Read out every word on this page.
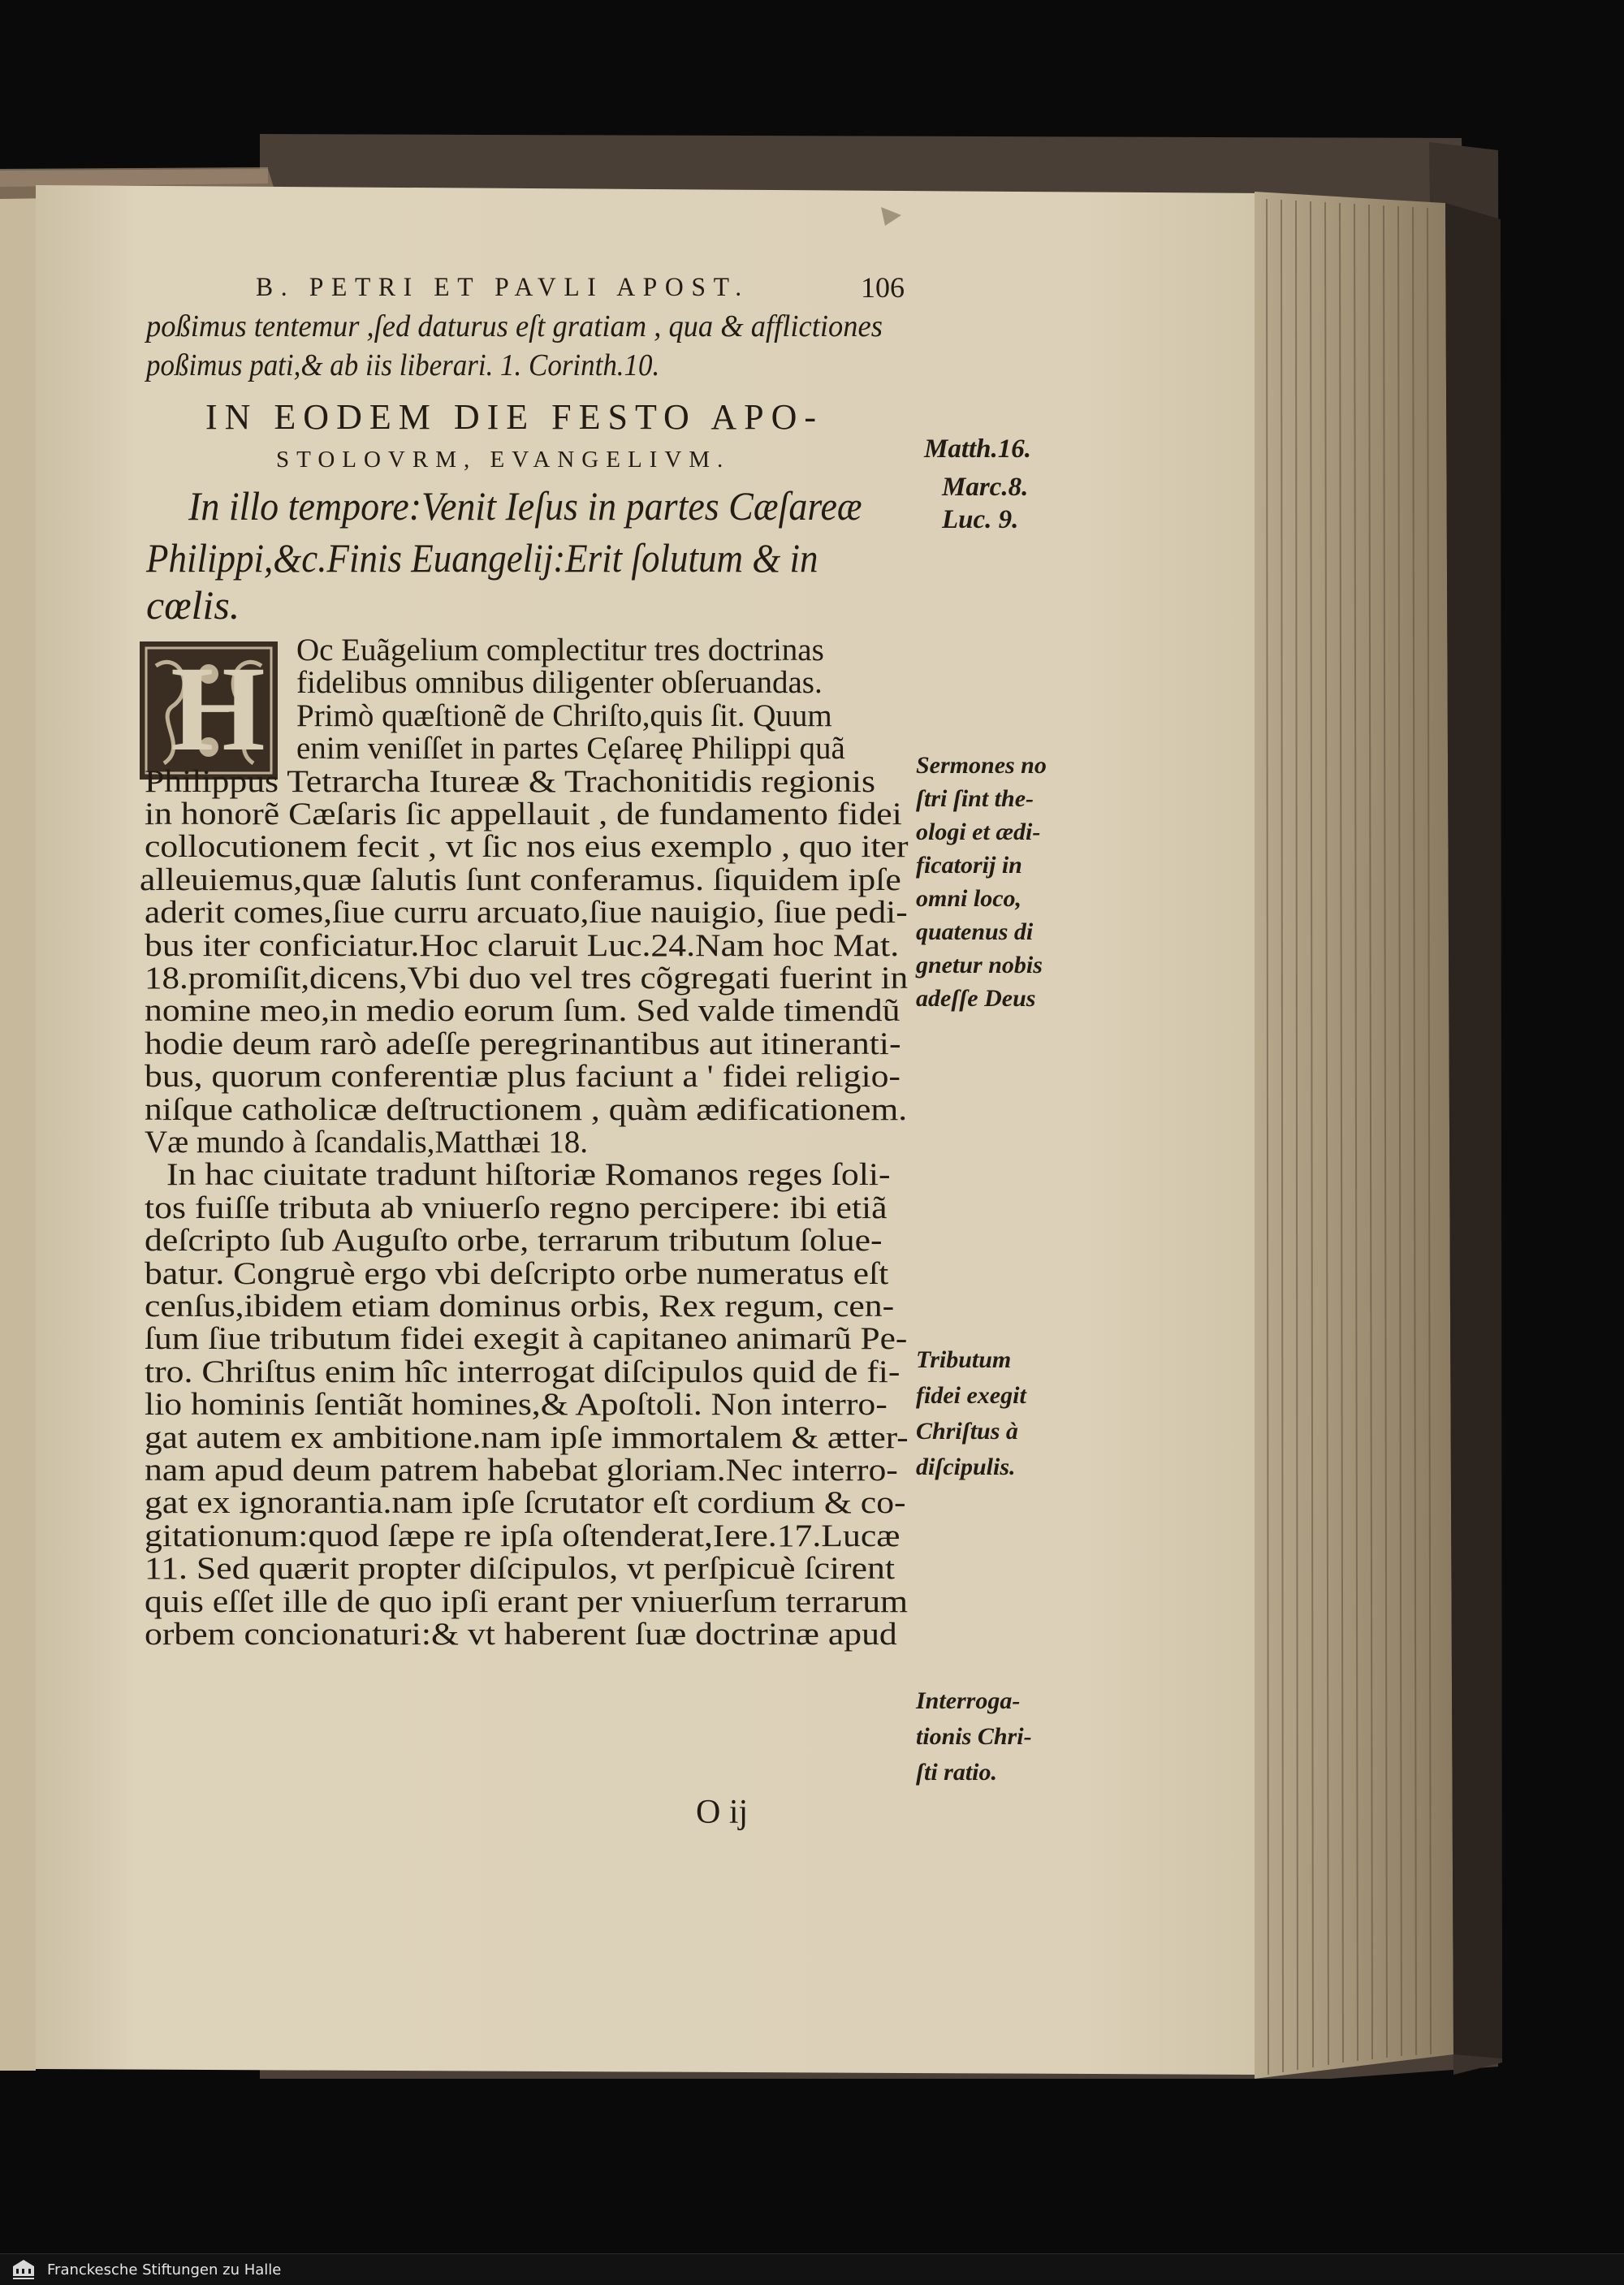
B. PETRI ET PAVLI APOST.	106
poßimus tentemur ,ſed daturus eſt gratiam , qua & afflictiones
poßimus pati,& ab iis liberari. 1. Corinth.10.
IN EODEM DIE FESTO APO-
STOLOVRM, EVANGELIVM.
In illo tempore:Venit Ieſus in partes Cæſareæ
Philippi,&c.Finis Euangelij:Erit ſolutum & in
cœlis.
H Oc Euãgelium complectitur tres doctrinas
fidelibus omnibus diligenter obſeruandas.
Primò quæſtionẽ de Chriſto,quis ſit. Quum
enim veniſſet in partes Cęſareę Philippi quã
Philippus Tetrarcha Itureæ & Trachonitidis regionis
in honorẽ Cæſaris ſic appellauit , de fundamento fidei
collocutionem fecit , vt ſic nos eius exemplo , quo iter
alleuiemus,quæ ſalutis ſunt conferamus. ſiquidem ipſe
aderit comes,ſiue curru arcuato,ſiue nauigio, ſiue pedi-
bus iter conficiatur.Hoc claruit Luc.24.Nam hoc Mat.
18.promiſit,dicens,Vbi duo vel tres cõgregati fuerint in
nomine meo,in medio eorum ſum. Sed valde timendũ
hodie deum rarò adeſſe peregrinantibus aut itineranti-
bus, quorum conferentiæ plus faciunt a ' fidei religio-
niſque catholicæ deſtructionem , quàm ædificationem.
Væ mundo à ſcandalis,Matthæi 18.
In hac ciuitate tradunt hiſtoriæ Romanos reges ſoli-
tos fuiſſe tributa ab vniuerſo regno percipere: ibi etiã
deſcripto ſub Auguſto orbe, terrarum tributum ſolue-
batur. Congruè ergo vbi deſcripto orbe numeratus eſt
cenſus,ibidem etiam dominus orbis, Rex regum, cen-
ſum ſiue tributum fidei exegit à capitaneo animarũ Pe-
tro. Chriſtus enim hîc interrogat diſcipulos quid de fi-
lio hominis ſentiãt homines,& Apoſtoli. Non interro-
gat autem ex ambitione.nam ipſe immortalem & ætter-
nam apud deum patrem habebat gloriam.Nec interro-
gat ex ignorantia.nam ipſe ſcrutator eſt cordium & co-
gitationum:quod ſæpe re ipſa oſtenderat,Iere.17.Lucæ
11. Sed quærit propter diſcipulos, vt perſpicuè ſcirent
quis eſſet ille de quo ipſi erant per vniuerſum terrarum
orbem concionaturi:& vt haberent ſuæ doctrinæ apud
Matth.16.
Marc.8.
Luc. 9.
Sermones no
ſtri ſint the-
ologi et ædi-
ficatorij in
omni loco,
quatenus di
gnetur nobis
adeſſe Deus
Tributum
fidei exegit
Chriſtus à
diſcipulis.
Interroga-
tionis Chri-
ſti ratio.
O ij
Franckesche Stiftungen zu Halle
